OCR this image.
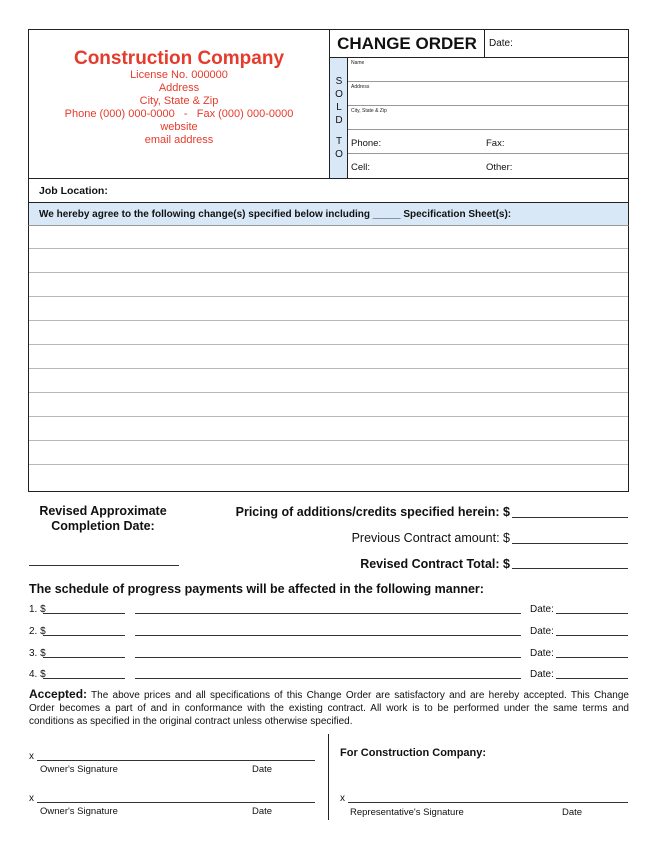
Construction Company
License No. 000000
Address
City, State & Zip
Phone (000) 000-0000   -   Fax (000) 000-0000
website
email address
CHANGE ORDER	Date:
S
O
L
D
T
O
Name
Address
City, State & Zip
Phone:	Fax:
Cell:	Other:
Job Location:
We hereby agree to the following change(s) specified below including _____ Specification Sheet(s):
Revised Approximate
Completion Date:
Pricing of additions/credits specified herein: $
Previous Contract amount: $
Revised Contract Total: $
The schedule of progress payments will be affected in the following manner:
1. $	Date:
2. $	Date:
3. $	Date:
4. $	Date:
Accepted: The above prices and all specifications of this Change Order are satisfactory and are hereby accepted. This Change Order becomes a part of and in conformance with the existing contract. All work is to be performed under the same terms and conditions as specified in the original contract unless otherwise specified.
x
Owner's Signature	Date
x
Owner's Signature	Date
For Construction Company:
x
Representative's Signature	Date
